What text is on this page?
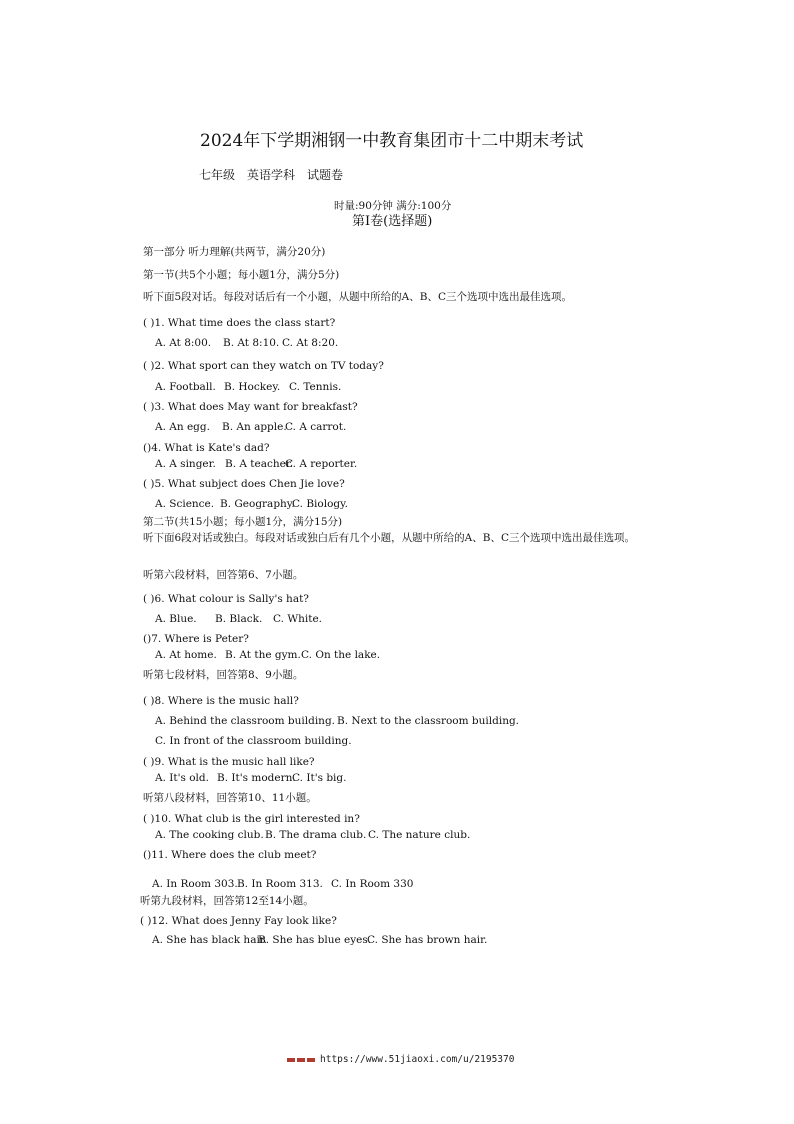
2024年下学期湘钢一中教育集团市十二中期末考试
七年级　英语学科　试题卷
时量:90分钟 满分:100分
第Ⅰ卷(选择题)
第一部分 听力理解(共两节，满分20分)
第一节(共5个小题；每小题1分，满分5分)
听下面5段对话。每段对话后有一个小题，从题中所给的A、B、C三个选项中选出最佳选项。
( )1. What time does the class start?
A. At 8:00. B. At 8:10. C. At 8:20.
( )2. What sport can they watch on TV today?
A. Football. B. Hockey. C. Tennis.
( )3. What does May want for breakfast?
A. An egg. B. An apple.
C. A carrot.
()4. What is Kate's dad?
A. A singer. B. A teacher.
C. A reporter.
( )5. What subject does Chen Jie love?
A. Science. B. Geography.
C. Biology.
第二节(共15小题；每小题1分，满分15分)
听下面6段对话或独白。每段对话或独白后有几个小题，从题中所给的A、B、C三个选项中选出最佳选项。
听第六段材料，回答第6、7小题。
( )6. What colour is Sally's hat?
A. Blue. B. Black. C. White.
()7. Where is Peter?
A. At home. B. At the gym. C. On the lake.
听第七段材料，回答第8、9小题。
( )8. Where is the music hall?
A. Behind the classroom building. B. Next to the classroom building.
C. In front of the classroom building.
( )9. What is the music hall like?
A. It's old. B. It's modern.
C. It's big.
听第八段材料，回答第10、11小题。
( )10. What club is the girl interested in?
A. The cooking club. B. The drama club. C. The nature club.
()11. Where does the club meet?
A. In Room 303. B. In Room 313. C. In Room 330
听第九段材料，回答第12至14小题。
( )12. What does Jenny Fay look like?
A. She has black hair.
B. She has blue eyes.
C. She has brown hair.
https://www.51jiaoxi.com/u/2195370
